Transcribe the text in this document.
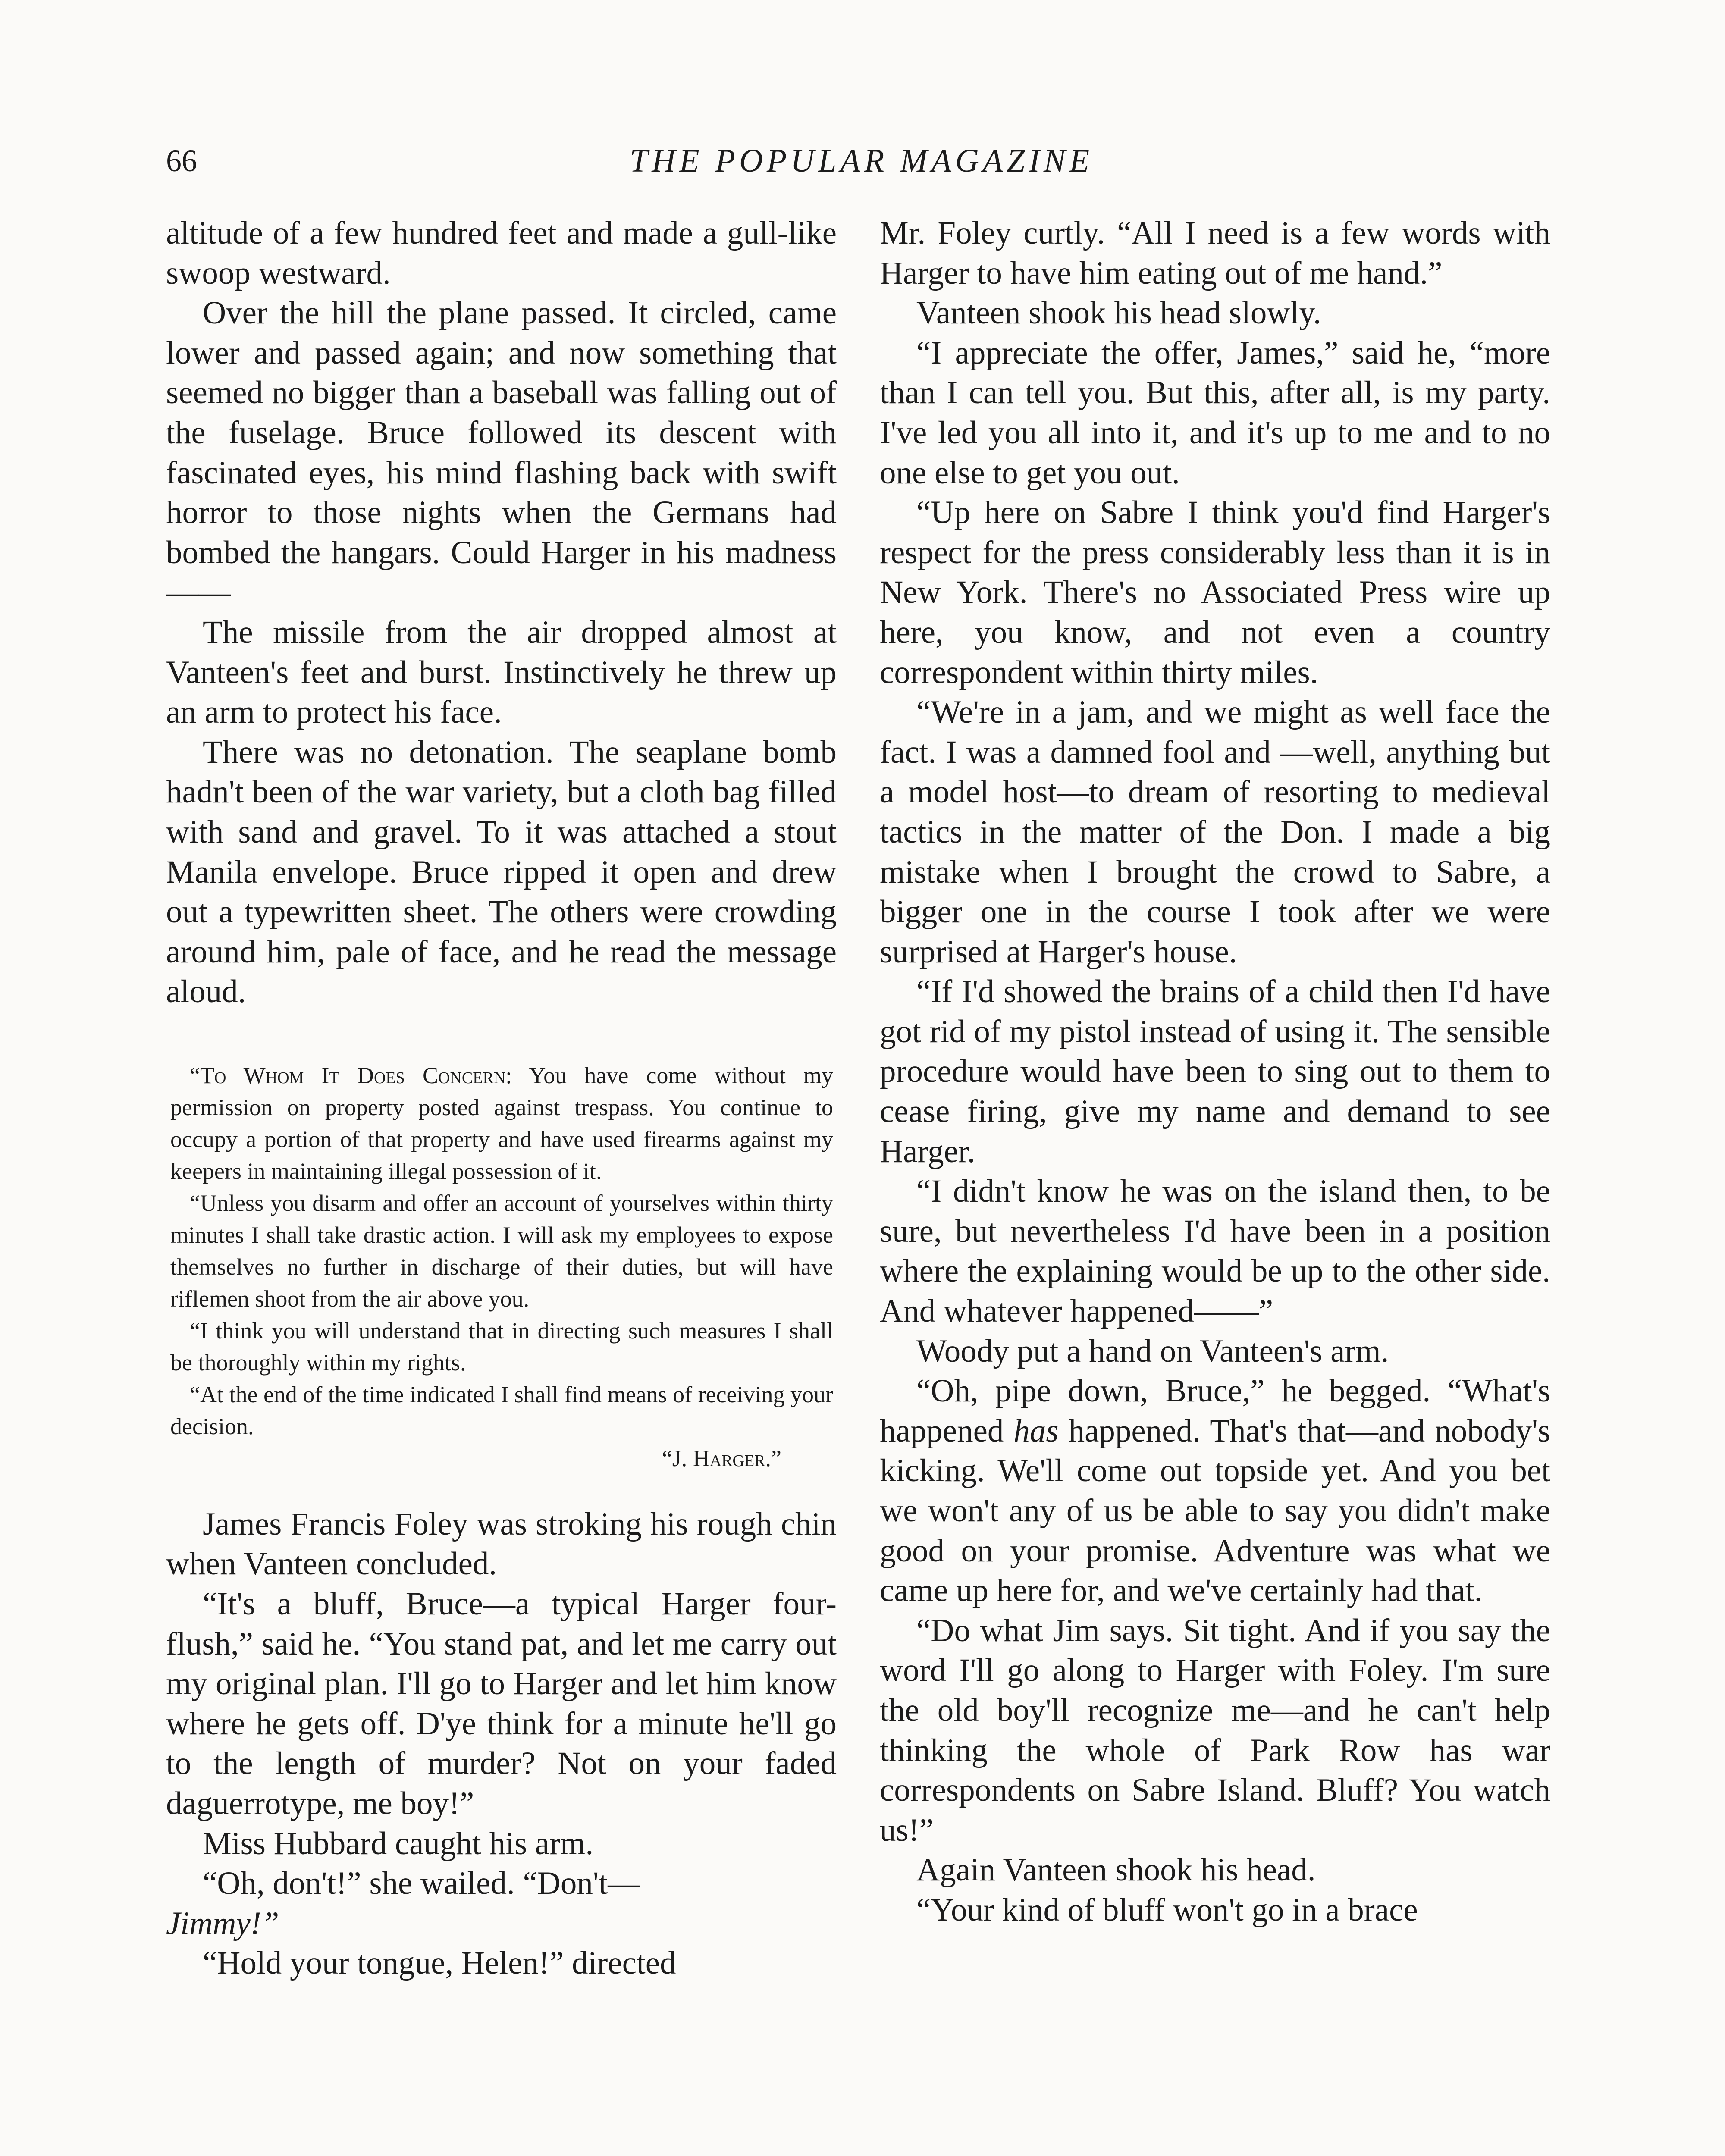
66	THE POPULAR MAGAZINE

altitude of a few hundred feet and made a gull-like swoop westward.

Over the hill the plane passed. It circled, came lower and passed again; and now something that seemed no bigger than a baseball was falling out of the fuselage. Bruce followed its descent with fascinated eyes, his mind flashing back with swift horror to those nights when the Germans had bombed the hangars. Could Harger in his madness——

The missile from the air dropped almost at Vanteen's feet and burst. Instinctively he threw up an arm to protect his face.

There was no detonation. The seaplane bomb hadn't been of the war variety, but a cloth bag filled with sand and gravel. To it was attached a stout Manila envelope. Bruce ripped it open and drew out a typewritten sheet. The others were crowding around him, pale of face, and he read the message aloud.

“To Whom It Does Concern: You have come without my permission on property posted against trespass. You continue to occupy a portion of that property and have used firearms against my keepers in maintaining illegal possession of it.

“Unless you disarm and offer an account of yourselves within thirty minutes I shall take drastic action. I will ask my employees to expose themselves no further in discharge of their duties, but will have riflemen shoot from the air above you.

“I think you will understand that in directing such measures I shall be thoroughly within my rights.

“At the end of the time indicated I shall find means of receiving your decision.

“J. Harger.”

James Francis Foley was stroking his rough chin when Vanteen concluded.

“It's a bluff, Bruce—a typical Harger four-flush,” said he. “You stand pat, and let me carry out my original plan. I'll go to Harger and let him know where he gets off. D'ye think for a minute he'll go to the length of murder? Not on your faded daguerrotype, me boy!”

Miss Hubbard caught his arm.

“Oh, don't!” she wailed. “Don't—
Jimmy!”

“Hold your tongue, Helen!” directed

Mr. Foley curtly. “All I need is a few words with Harger to have him eating out of me hand.”

Vanteen shook his head slowly.

“I appreciate the offer, James,” said he, “more than I can tell you. But this, after all, is my party. I've led you all into it, and it's up to me and to no one else to get you out.

“Up here on Sabre I think you'd find Harger's respect for the press considerably less than it is in New York. There's no Associated Press wire up here, you know, and not even a country correspondent within thirty miles.

“We're in a jam, and we might as well face the fact. I was a damned fool and —well, anything but a model host—to dream of resorting to medieval tactics in the matter of the Don. I made a big mistake when I brought the crowd to Sabre, a bigger one in the course I took after we were surprised at Harger's house.

“If I'd showed the brains of a child then I'd have got rid of my pistol instead of using it. The sensible procedure would have been to sing out to them to cease firing, give my name and demand to see Harger.

“I didn't know he was on the island then, to be sure, but nevertheless I'd have been in a position where the explaining would be up to the other side. And whatever happened——”

Woody put a hand on Vanteen's arm.

“Oh, pipe down, Bruce,” he begged. “What's happened has happened. That's that—and nobody's kicking. We'll come out topside yet. And you bet we won't any of us be able to say you didn't make good on your promise. Adventure was what we came up here for, and we've certainly had that.

“Do what Jim says. Sit tight. And if you say the word I'll go along to Harger with Foley. I'm sure the old boy'll recognize me—and he can't help thinking the whole of Park Row has war correspondents on Sabre Island. Bluff? You watch us!”

Again Vanteen shook his head.

“Your kind of bluff won't go in a brace
